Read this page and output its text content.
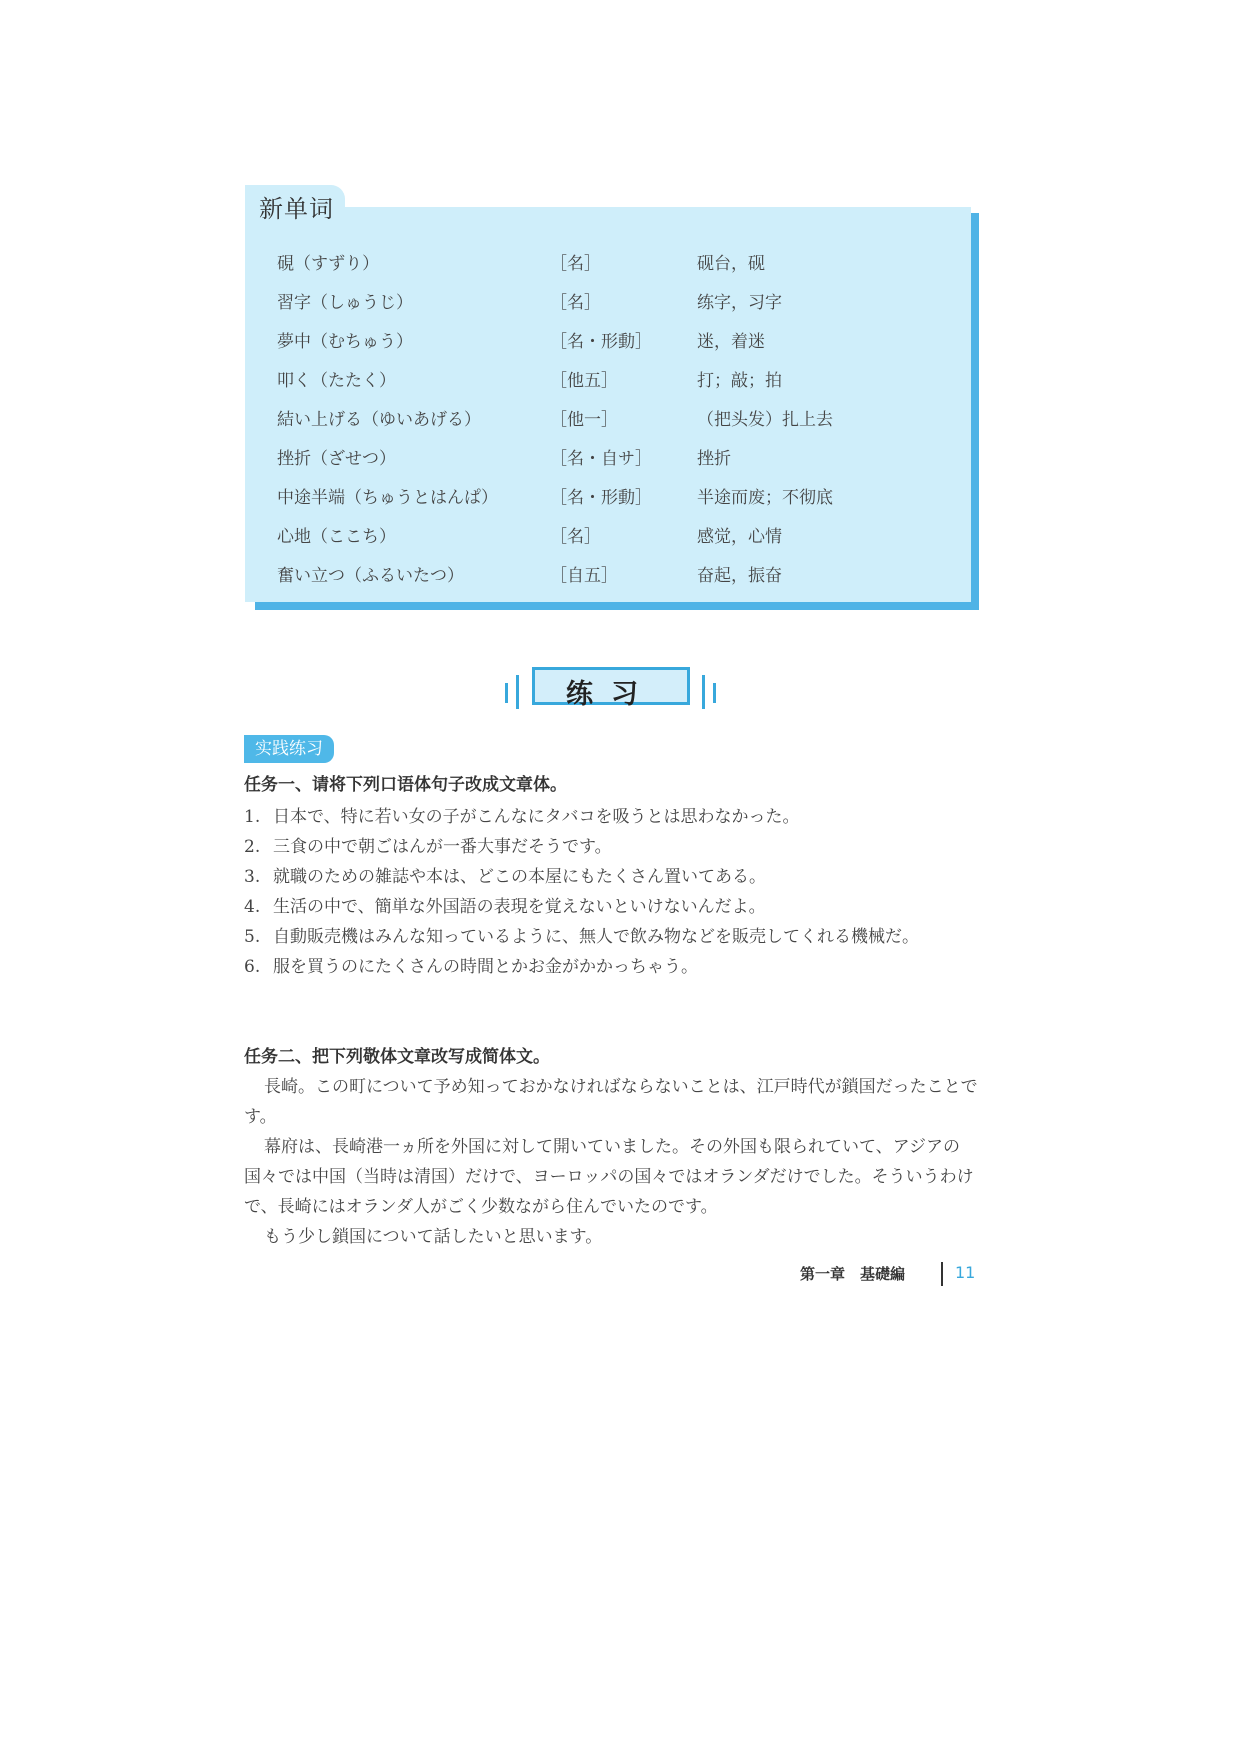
新单词
硯（すずり）	［名］	砚台，砚
習字（しゅうじ）	［名］	练字，习字
夢中（むちゅう）	［名・形動］	迷，着迷
叩く（たたく）	［他五］	打；敲；拍
結い上げる（ゆいあげる）	［他一］	（把头发）扎上去
挫折（ざせつ）	［名・自サ］	挫折
中途半端（ちゅうとはんぱ）	［名・形動］	半途而废；不彻底
心地（ここち）	［名］	感觉，心情
奮い立つ（ふるいたつ）	［自五］	奋起，振奋
练习
实践练习
任务一、请将下列口语体句子改成文章体。
1. 日本で、特に若い女の子がこんなにタバコを吸うとは思わなかった。
2. 三食の中で朝ごはんが一番大事だそうです。
3. 就職のための雑誌や本は、どこの本屋にもたくさん置いてある。
4. 生活の中で、簡単な外国語の表現を覚えないといけないんだよ。
5. 自動販売機はみんな知っているように、無人で飲み物などを販売してくれる機械だ。
6. 服を買うのにたくさんの時間とかお金がかかっちゃう。
任务二、把下列敬体文章改写成简体文。

長崎。この町について予め知っておかなければならないことは、江戸時代が鎖国だったことです。

幕府は、長崎港一ヵ所を外国に対して開いていました。その外国も限られていて、アジアの国々では中国（当時は清国）だけで、ヨーロッパの国々ではオランダだけでした。そういうわけで、長崎にはオランダ人がごく少数ながら住んでいたのです。

もう少し鎖国について話したいと思います。

第一章　基礎編	11
